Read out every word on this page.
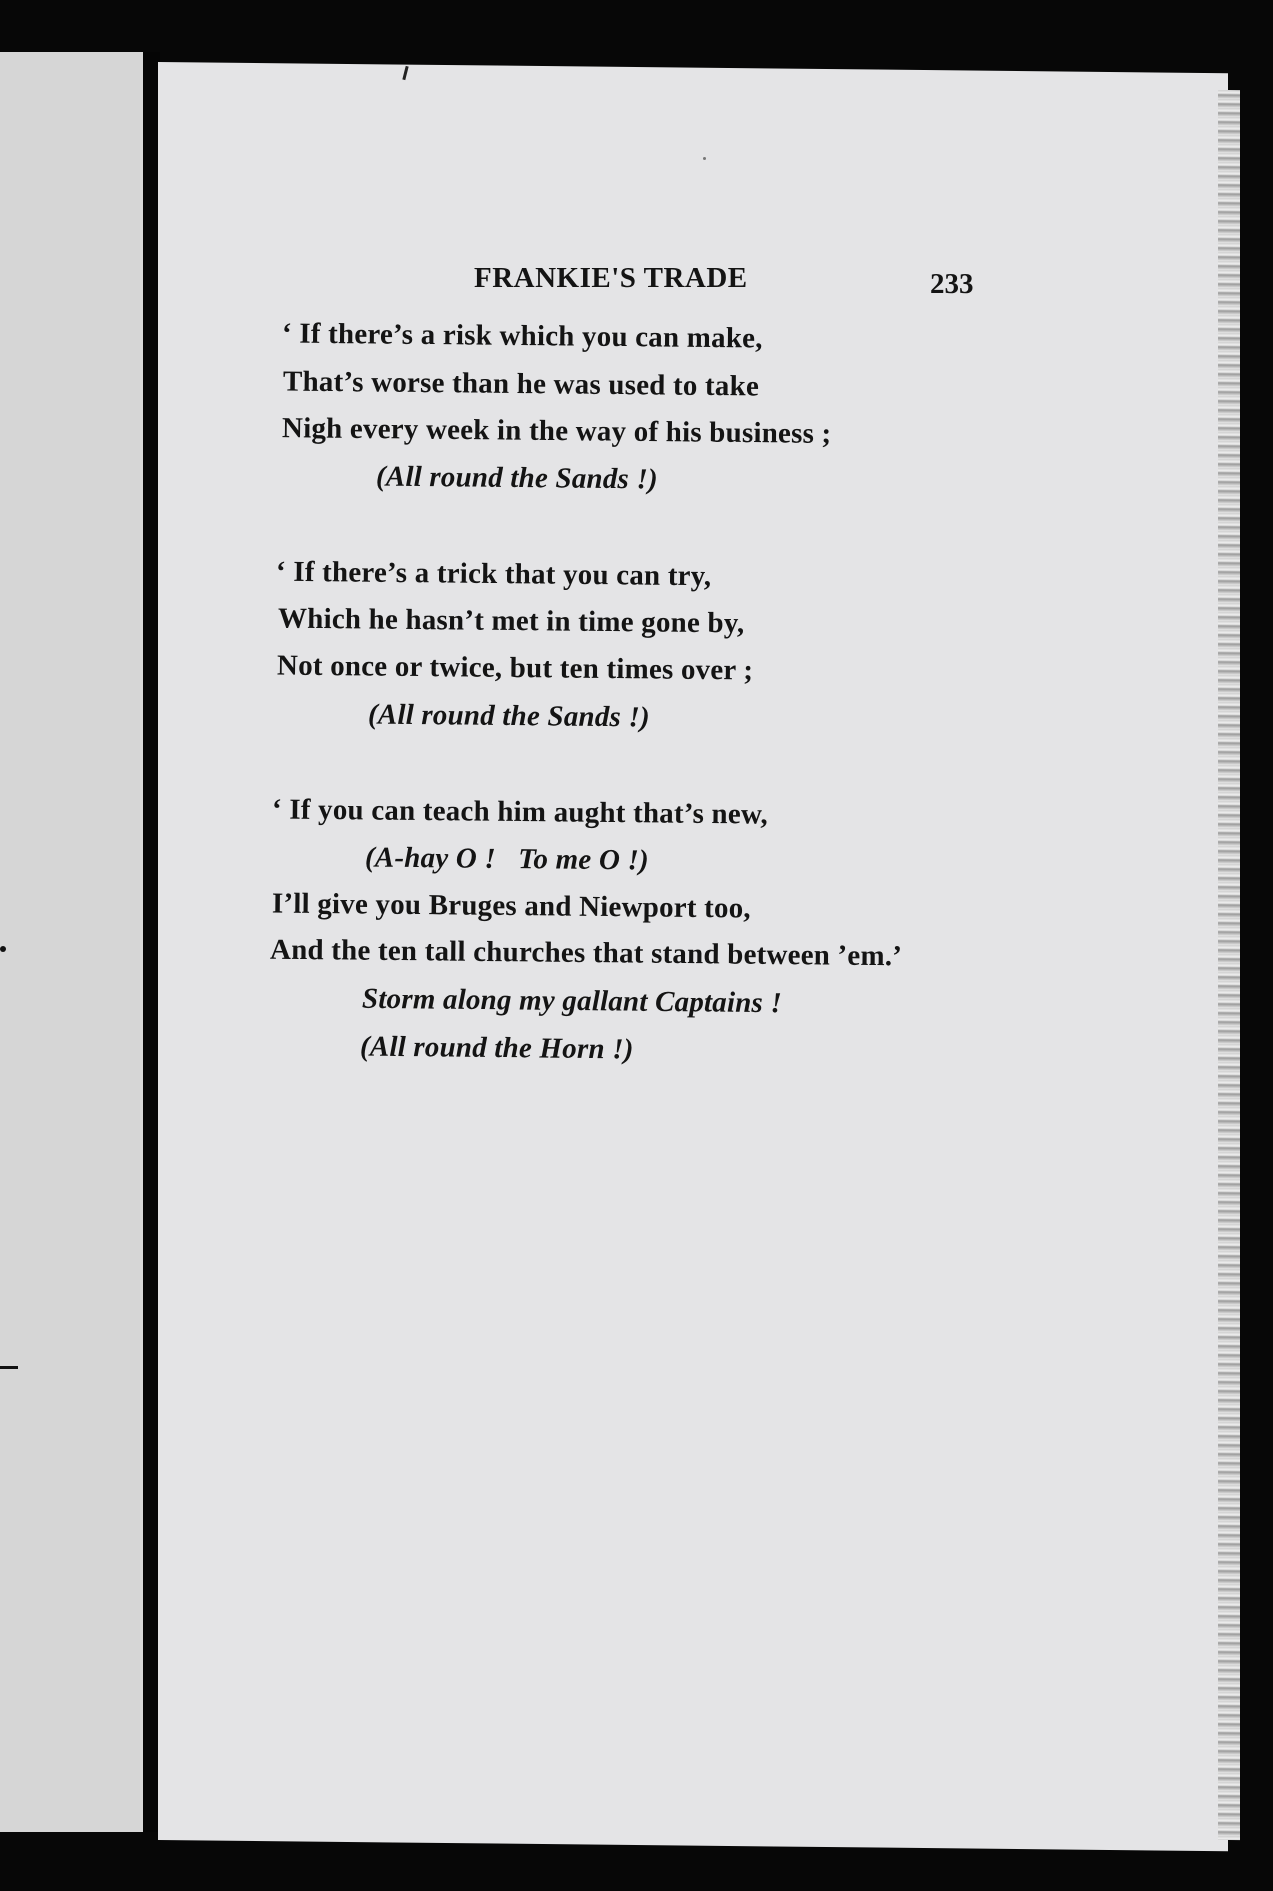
FRANKIE'S TRADE	233
‘ If there’s a risk which you can make,
That’s worse than he was used to take
Nigh every week in the way of his business ;
(All round the Sands !)
‘ If there’s a trick that you can try,
Which he hasn’t met in time gone by,
Not once or twice, but ten times over ;
(All round the Sands !)
‘ If you can teach him aught that’s new,
(A-hay O !   To me O !)
I’ll give you Bruges and Niewport too,
And the ten tall churches that stand between ’em.’
Storm along my gallant Captains !
(All round the Horn !)
